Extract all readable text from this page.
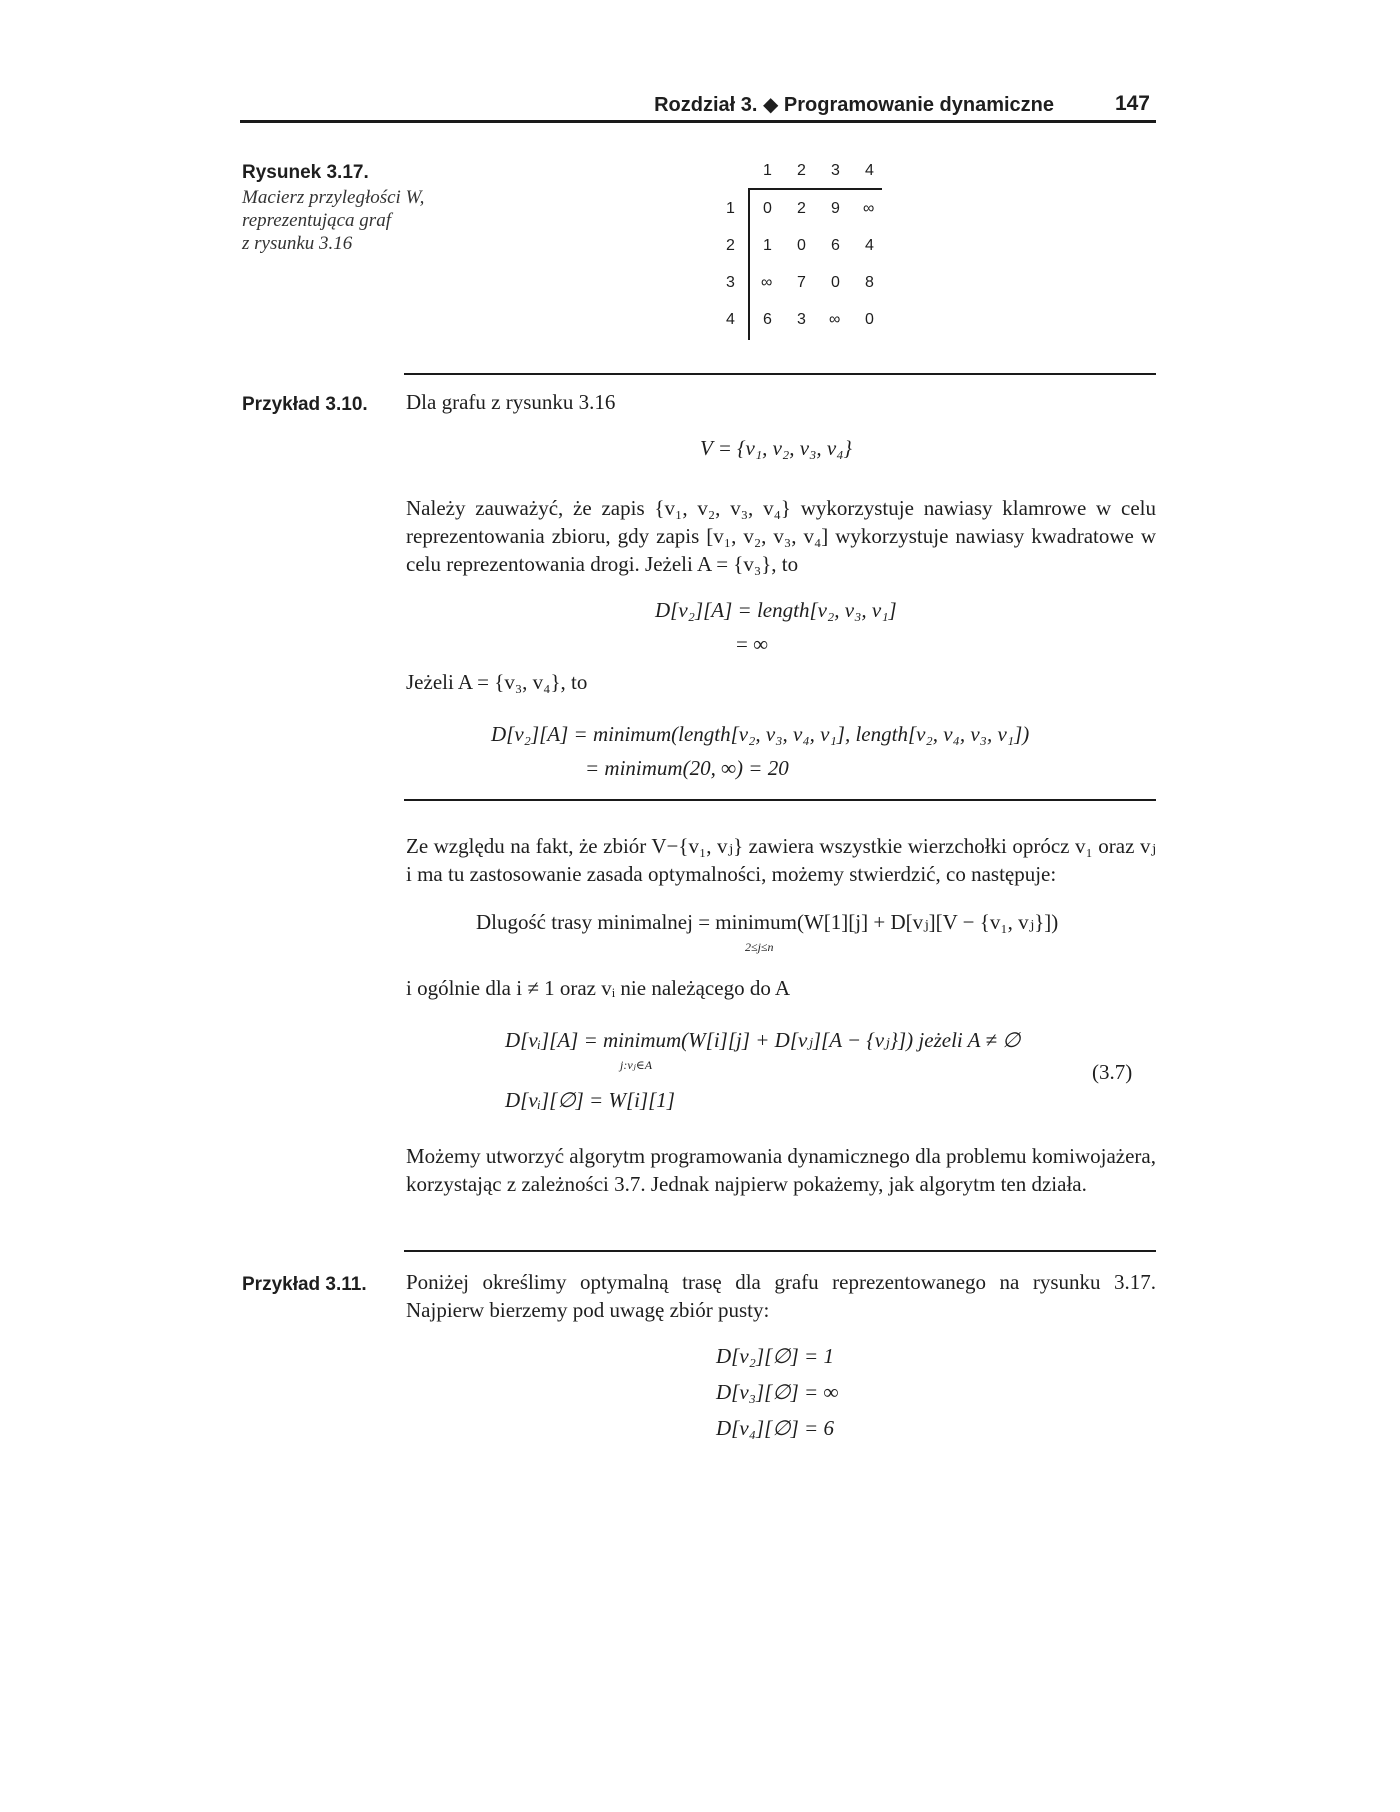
Rozdział 3. ◆ Programowanie dynamiczne	147
Rysunek 3.17.
Macierz przyległości W,
reprezentująca graf
z rysunku 3.16
1 2 3 4
1
2
3
4
0 2 9 ∞
1 0 6 4
∞ 7 0 8
6 3 ∞ 0
Przykład 3.10. Dla grafu z rysunku 3.16
V = {v₁, v₂, v₃, v₄}
Należy zauważyć, że zapis {v₁, v₂, v₃, v₄} wykorzystuje nawiasy klamrowe w celu reprezentowania zbioru, gdy zapis [v₁, v₂, v₃, v₄] wykorzystuje nawiasy kwadratowe w celu reprezentowania drogi. Jeżeli A = {v₃}, to
D[v₂][A] = length[v₂, v₃, v₁]
= ∞
Jeżeli A = {v₃, v₄}, to
D[v₂][A] = minimum(length[v₂, v₃, v₄, v₁], length[v₂, v₄, v₃, v₁])
= minimum(20, ∞) = 20
Ze względu na fakt, że zbiór V−{v₁, vⱼ} zawiera wszystkie wierzchołki oprócz v₁ oraz vⱼ i ma tu zastosowanie zasada optymalności, możemy stwierdzić, co następuje:
Dlugość trasy minimalnej = minimum(W[1][j] + D[vⱼ][V − {v₁, vⱼ}])
2≤j≤n
i ogólnie dla i ≠ 1 oraz vᵢ nie należącego do A
D[vᵢ][A] = minimum(W[i][j] + D[vⱼ][A − {vⱼ}]) jeżeli A ≠ ∅
j:vⱼ∈A
D[vᵢ][∅] = W[i][1]
(3.7)
Możemy utworzyć algorytm programowania dynamicznego dla problemu komiwojażera, korzystając z zależności 3.7. Jednak najpierw pokażemy, jak algorytm ten działa.
Przykład 3.11. Poniżej określimy optymalną trasę dla grafu reprezentowanego na rysunku 3.17. Najpierw bierzemy pod uwagę zbiór pusty:
D[v₂][∅] = 1
D[v₃][∅] = ∞
D[v₄][∅] = 6
